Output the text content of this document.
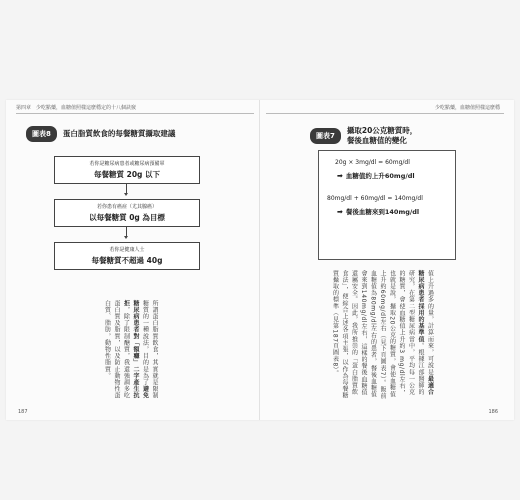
第四章　少吃點藥，血糖值照樣這麼穩定的十八個訣竅
圖表8	蛋白脂質飲食的每餐糖質攝取建議
若你是糖尿病患者或糖尿病預備軍
每餐糖質 20g 以下
若你患有癌症（尤其腺癌）
以每餐糖質 0g 為目標
若你是健康人士
每餐糖質不超過 40g
所謂蛋白脂質飲食，其實就是限制糖質的一種說法，目的是為了避免糖尿病患者對「額癮」二字產生抗拒，除了限制醣質，我還強調多吃蛋白質及脂質，以及防止動物性蛋白質、脂肪，動物性脂質。
187
少吃點藥，血糖值照樣這麼穩
圖表7
攝取20公克糖質時，
餐後血糖值的變化
20g × 3mg/dl = 60mg/dl
➡ 血糖值約上升60mg/dl
80mg/dl + 60mg/dl = 140mg/dl
➡ 餐後血糖來到140mg/dl
值上升過多的量，計算而來，可說是最適合糖尿病患者採用的基準值。根據江部醫師的研究，在第二型糖尿病當中，平均每一公克的糖質，會使血糖值上升約3 mg/dl左右，也就是說，攝取20公克的糖質，會使血糖值上升約60mg/dl左右（見下頁圖表7）。飯前血糖值為80mg/dl左右的患者，餐後血糖值會來到140mg/dl左右，這樣的餐後血糖值還屬安全。因此，我所推崇的「蛋白脂質飲食法」，便綜合上述各項主張，以作為每餐糖質攝取的標準（見第187頁圖表8）。
186
